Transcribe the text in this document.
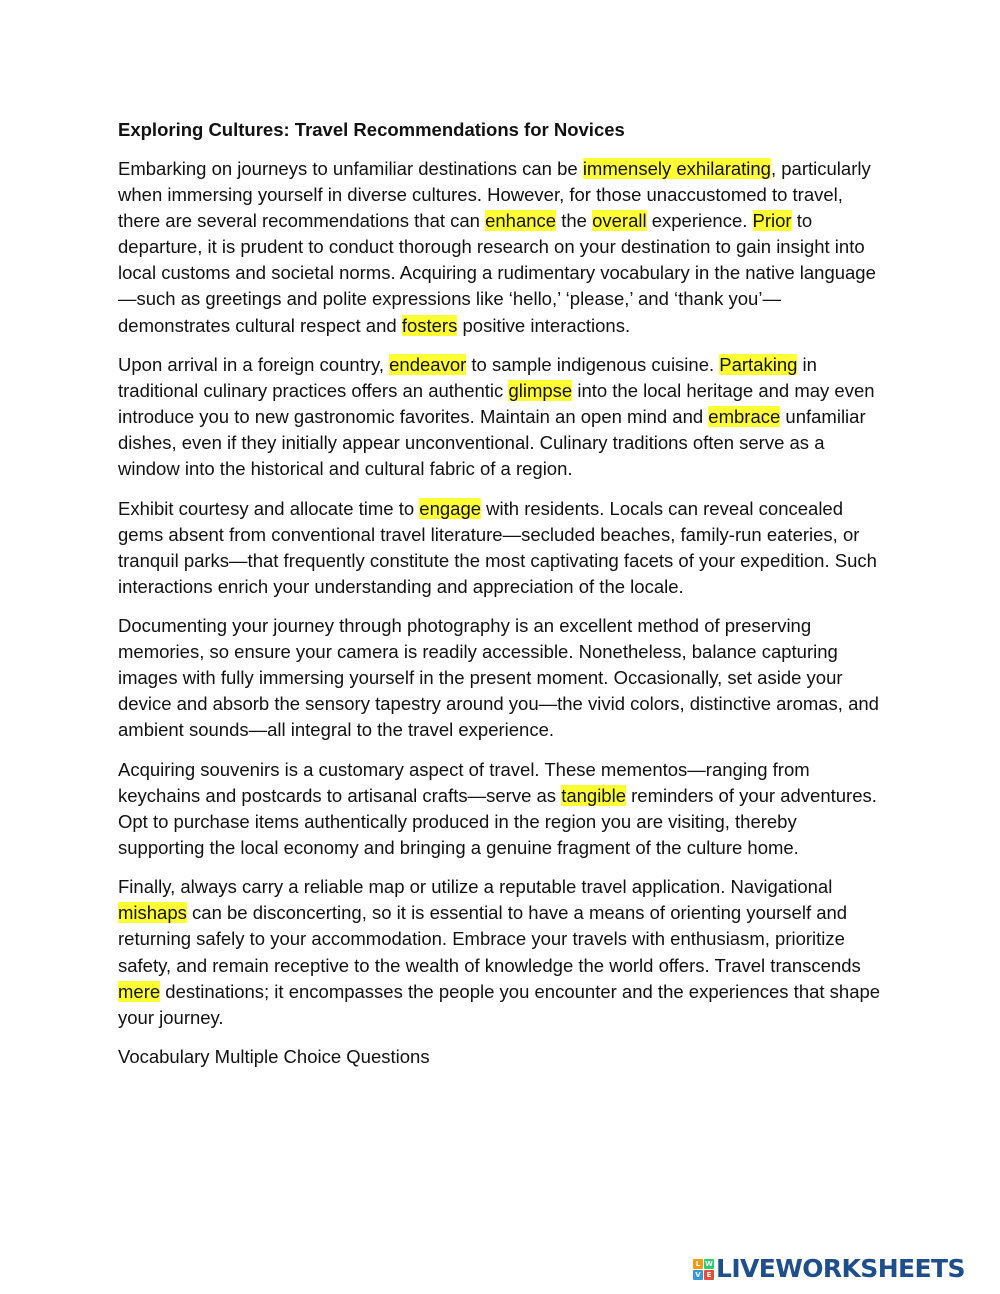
Exploring Cultures: Travel Recommendations for Novices

Embarking on journeys to unfamiliar destinations can be immensely exhilarating, particularly when immersing yourself in diverse cultures. However, for those unaccustomed to travel, there are several recommendations that can enhance the overall experience. Prior to departure, it is prudent to conduct thorough research on your destination to gain insight into local customs and societal norms. Acquiring a rudimentary vocabulary in the native language—such as greetings and polite expressions like ‘hello,’ ‘please,’ and ‘thank you’—demonstrates cultural respect and fosters positive interactions.

Upon arrival in a foreign country, endeavor to sample indigenous cuisine. Partaking in traditional culinary practices offers an authentic glimpse into the local heritage and may even introduce you to new gastronomic favorites. Maintain an open mind and embrace unfamiliar dishes, even if they initially appear unconventional. Culinary traditions often serve as a window into the historical and cultural fabric of a region.

Exhibit courtesy and allocate time to engage with residents. Locals can reveal concealed gems absent from conventional travel literature—secluded beaches, family-run eateries, or tranquil parks—that frequently constitute the most captivating facets of your expedition. Such interactions enrich your understanding and appreciation of the locale.

Documenting your journey through photography is an excellent method of preserving memories, so ensure your camera is readily accessible. Nonetheless, balance capturing images with fully immersing yourself in the present moment. Occasionally, set aside your device and absorb the sensory tapestry around you—the vivid colors, distinctive aromas, and ambient sounds—all integral to the travel experience.

Acquiring souvenirs is a customary aspect of travel. These mementos—ranging from keychains and postcards to artisanal crafts—serve as tangible reminders of your adventures. Opt to purchase items authentically produced in the region you are visiting, thereby supporting the local economy and bringing a genuine fragment of the culture home.

Finally, always carry a reliable map or utilize a reputable travel application. Navigational mishaps can be disconcerting, so it is essential to have a means of orienting yourself and returning safely to your accommodation. Embrace your travels with enthusiasm, prioritize safety, and remain receptive to the wealth of knowledge the world offers. Travel transcends mere destinations; it encompasses the people you encounter and the experiences that shape your journey.

Vocabulary Multiple Choice Questions
L W
V E LIVEWORKSHEETS
